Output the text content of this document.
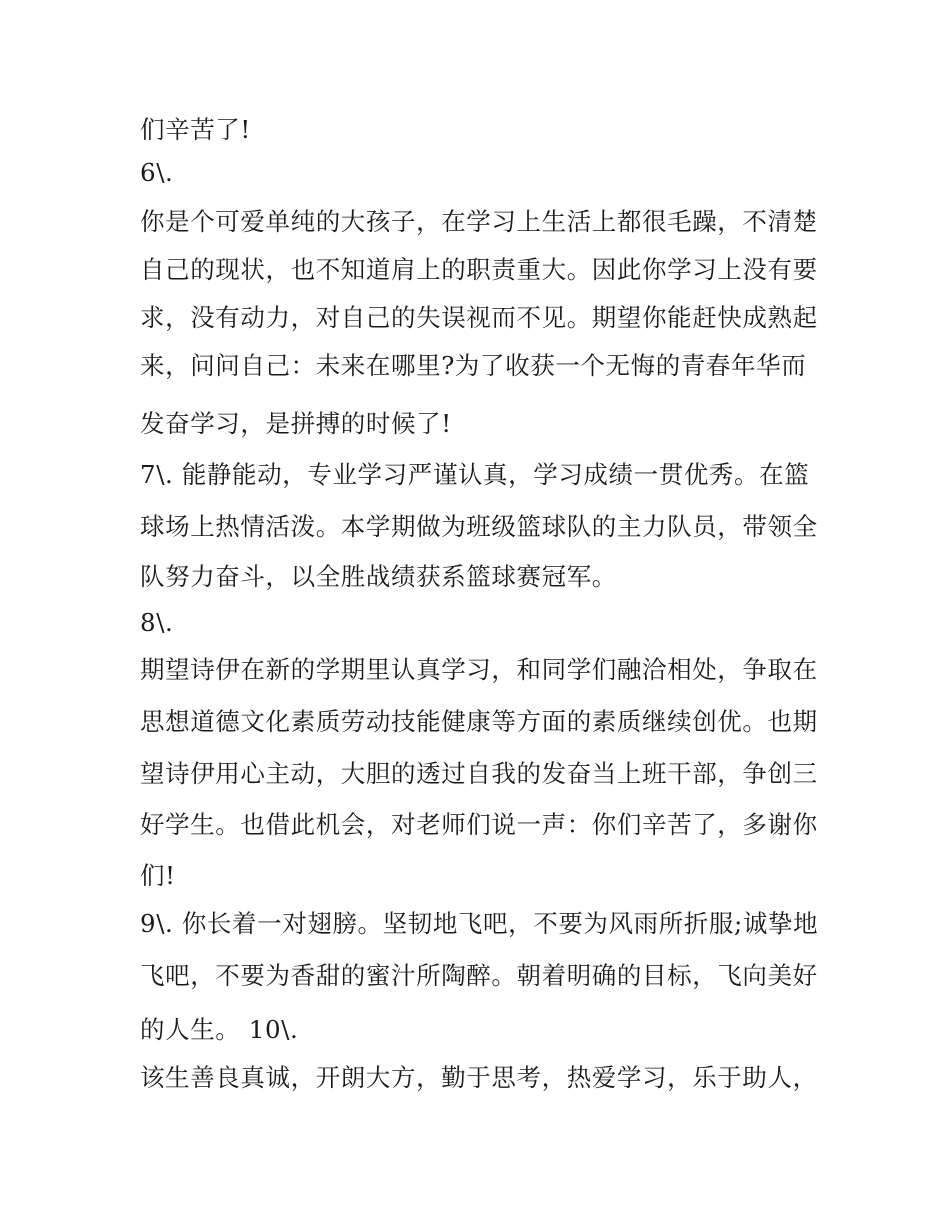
们辛苦了!
6\.
你是个可爱单纯的大孩子，在学习上生活上都很毛躁，不清楚
自己的现状，也不知道肩上的职责重大。因此你学习上没有要
求，没有动力，对自己的失误视而不见。期望你能赶快成熟起
来，问问自己：未来在哪里?为了收获一个无悔的青春年华而
发奋学习，是拼搏的时候了!
7\. 能静能动，专业学习严谨认真，学习成绩一贯优秀。在篮
球场上热情活泼。本学期做为班级篮球队的主力队员，带领全
队努力奋斗，以全胜战绩获系篮球赛冠军。
8\.
期望诗伊在新的学期里认真学习，和同学们融洽相处，争取在
思想道德文化素质劳动技能健康等方面的素质继续创优。也期
望诗伊用心主动，大胆的透过自我的发奋当上班干部，争创三
好学生。也借此机会，对老师们说一声：你们辛苦了，多谢你
们!
9\. 你长着一对翅膀。坚韧地飞吧，不要为风雨所折服;诚挚地
飞吧，不要为香甜的蜜汁所陶醉。朝着明确的目标，飞向美好
的人生。 10\.
该生善良真诚，开朗大方，勤于思考，热爱学习，乐于助人，
